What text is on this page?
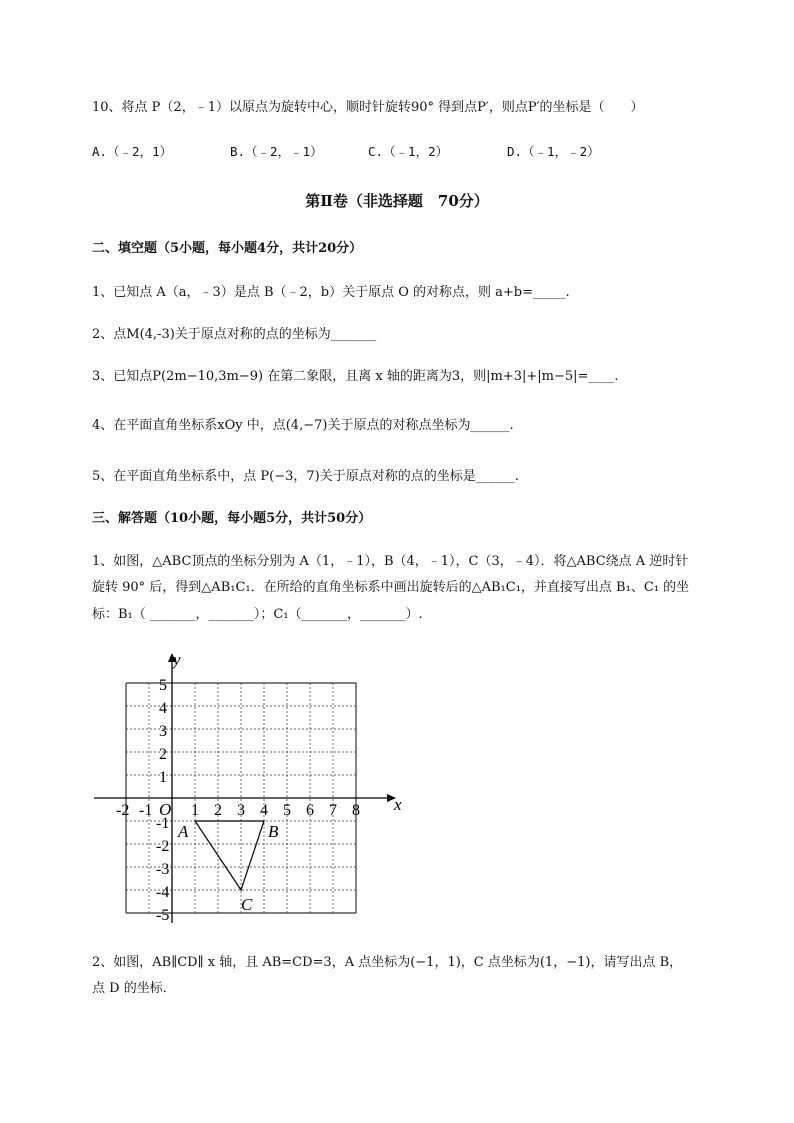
10、将点 P（2，﹣1）以原点为旋转中心，顺时针旋转90° 得到点P′，则点P′的坐标是（　　）
A.（﹣2，1）	B.（﹣2，﹣1）	C.（﹣1，2）	D.（﹣1，﹣2）
第Ⅱ卷（非选择题　70分）
二、填空题（5小题，每小题4分，共计20分）
1、已知点 A（a，﹣3）是点 B（﹣2，b）关于原点 O 的对称点，则 a+b=_____.
2、点M(4,-3)关于原点对称的点的坐标为_______
3、已知点P(2m−10,3m−9) 在第二象限，且离 x 轴的距离为3，则|m+3|+|m−5|=____.
4、在平面直角坐标系xOy 中，点(4,−7)关于原点的对称点坐标为______.
5、在平面直角坐标系中，点 P(−3，7)关于原点对称的点的坐标是______.
三、解答题（10小题，每小题5分，共计50分）
1、如图，△ABC顶点的坐标分别为 A（1，﹣1），B（4，﹣1），C（3，﹣4）．将△ABC绕点 A 逆时针
旋转 90° 后，得到△AB₁C₁．在所给的直角坐标系中画出旋转后的△AB₁C₁，并直接写出点 B₁、C₁ 的坐
标：B₁（ _______，_______）；C₁（_______，_______）.
x
y
O
-2 -1 1 2 3 4 5 6 7 8
5
4
3
2
1
-1
-2
-3
-4
-5
A	B
C
2、如图，AB∥CD∥ x 轴，且 AB=CD=3，A 点坐标为(−1，1)，C 点坐标为(1，−1)，请写出点 B，
点 D 的坐标．
